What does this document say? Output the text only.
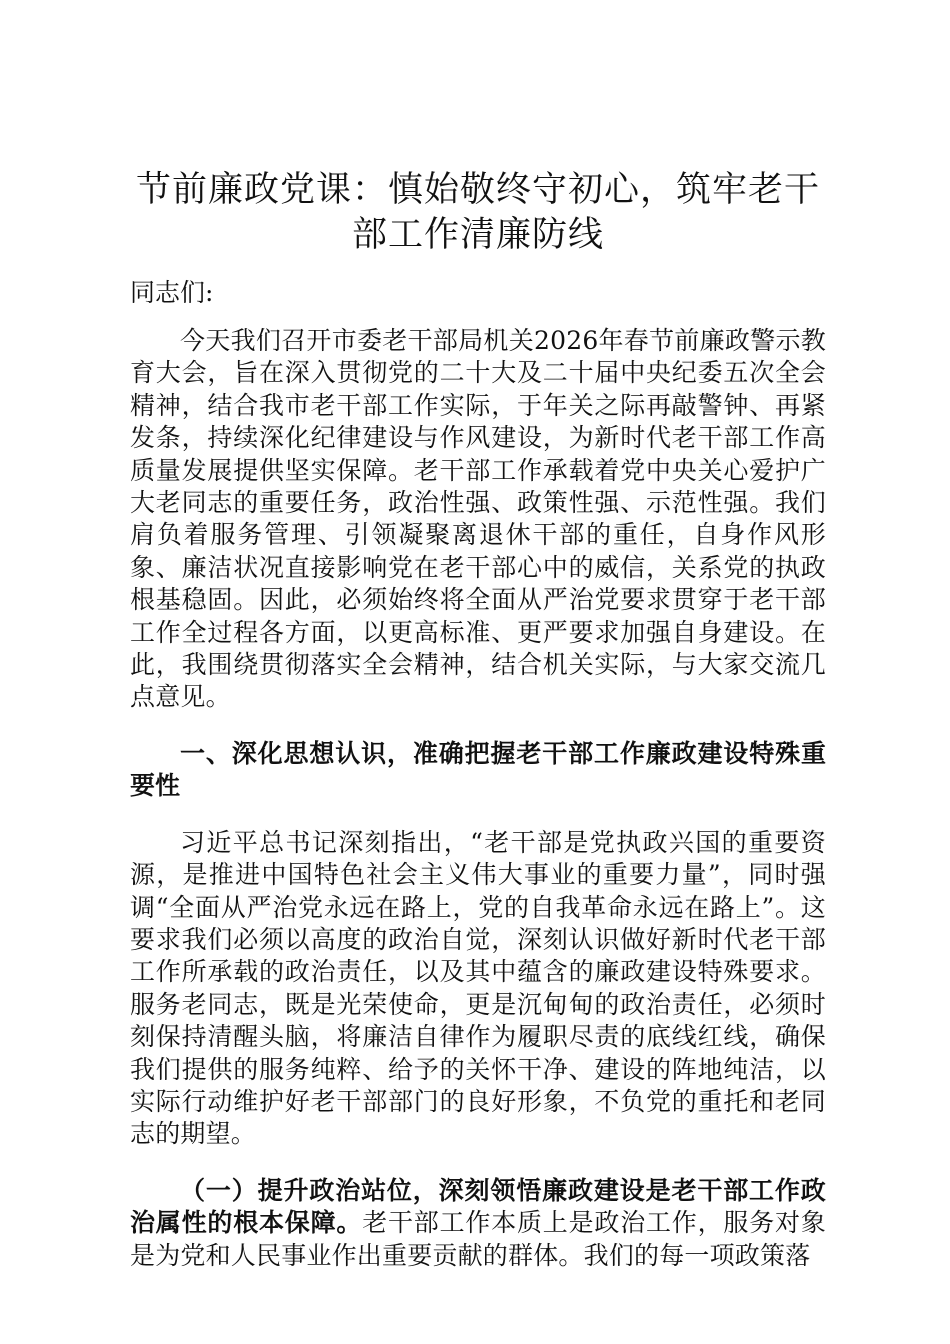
节前廉政党课：慎始敬终守初心，筑牢老干部工作清廉防线

同志们:

今天我们召开市委老干部局机关2026年春节前廉政警示教育大会，旨在深入贯彻党的二十大及二十届中央纪委五次全会精神，结合我市老干部工作实际，于年关之际再敲警钟、再紧发条，持续深化纪律建设与作风建设，为新时代老干部工作高质量发展提供坚实保障。老干部工作承载着党中央关心爱护广大老同志的重要任务，政治性强、政策性强、示范性强。我们肩负着服务管理、引领凝聚离退休干部的重任，自身作风形象、廉洁状况直接影响党在老干部心中的威信，关系党的执政根基稳固。因此，必须始终将全面从严治党要求贯穿于老干部工作全过程各方面，以更高标准、更严要求加强自身建设。在此，我围绕贯彻落实全会精神，结合机关实际，与大家交流几点意见。

一、深化思想认识，准确把握老干部工作廉政建设特殊重要性

习近平总书记深刻指出，“老干部是党执政兴国的重要资源，是推进中国特色社会主义伟大事业的重要力量”，同时强调“全面从严治党永远在路上，党的自我革命永远在路上”。这要求我们必须以高度的政治自觉，深刻认识做好新时代老干部工作所承载的政治责任，以及其中蕴含的廉政建设特殊要求。服务老同志，既是光荣使命，更是沉甸甸的政治责任，必须时刻保持清醒头脑，将廉洁自律作为履职尽责的底线红线，确保我们提供的服务纯粹、给予的关怀干净、建设的阵地纯洁，以实际行动维护好老干部部门的良好形象，不负党的重托和老同志的期望。

（一）提升政治站位，深刻领悟廉政建设是老干部工作政治属性的根本保障。老干部工作本质上是政治工作，服务对象是为党和人民事业作出重要贡献的群体。我们的每一项政策落
